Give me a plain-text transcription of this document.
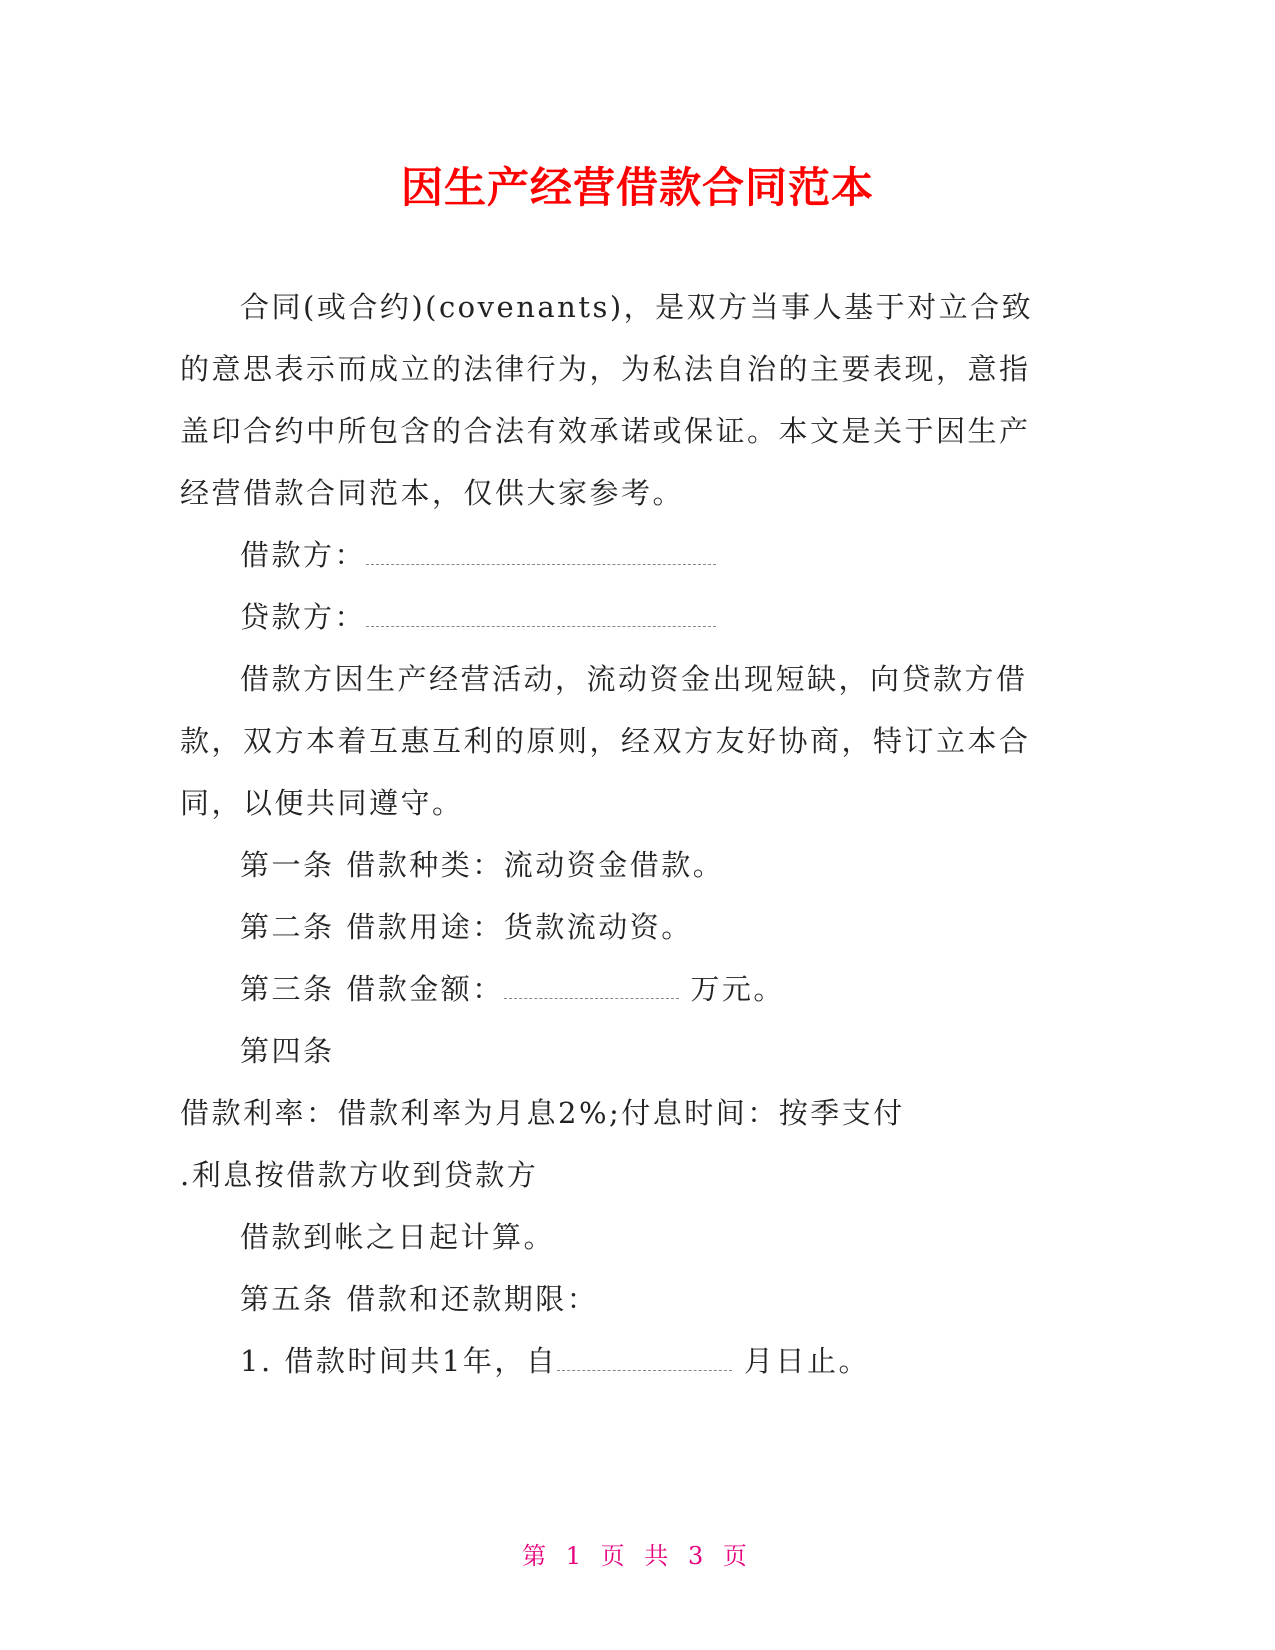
因生产经营借款合同范本
合同(或合约)(covenants)，是双方当事人基于对立合致
的意思表示而成立的法律行为，为私法自治的主要表现，意指
盖印合约中所包含的合法有效承诺或保证。本文是关于因生产
经营借款合同范本，仅供大家参考。
借款方：
贷款方：
借款方因生产经营活动，流动资金出现短缺，向贷款方借
款，双方本着互惠互利的原则，经双方友好协商，特订立本合
同，以便共同遵守。
第一条 借款种类：流动资金借款。
第二条 借款用途：货款流动资。
第三条 借款金额：	万元。
第四条
借款利率：借款利率为月息2%;付息时间：按季支付
.利息按借款方收到贷款方
借款到帐之日起计算。
第五条 借款和还款期限：
1. 借款时间共1年，自	月日止。
第 1 页 共 3 页
